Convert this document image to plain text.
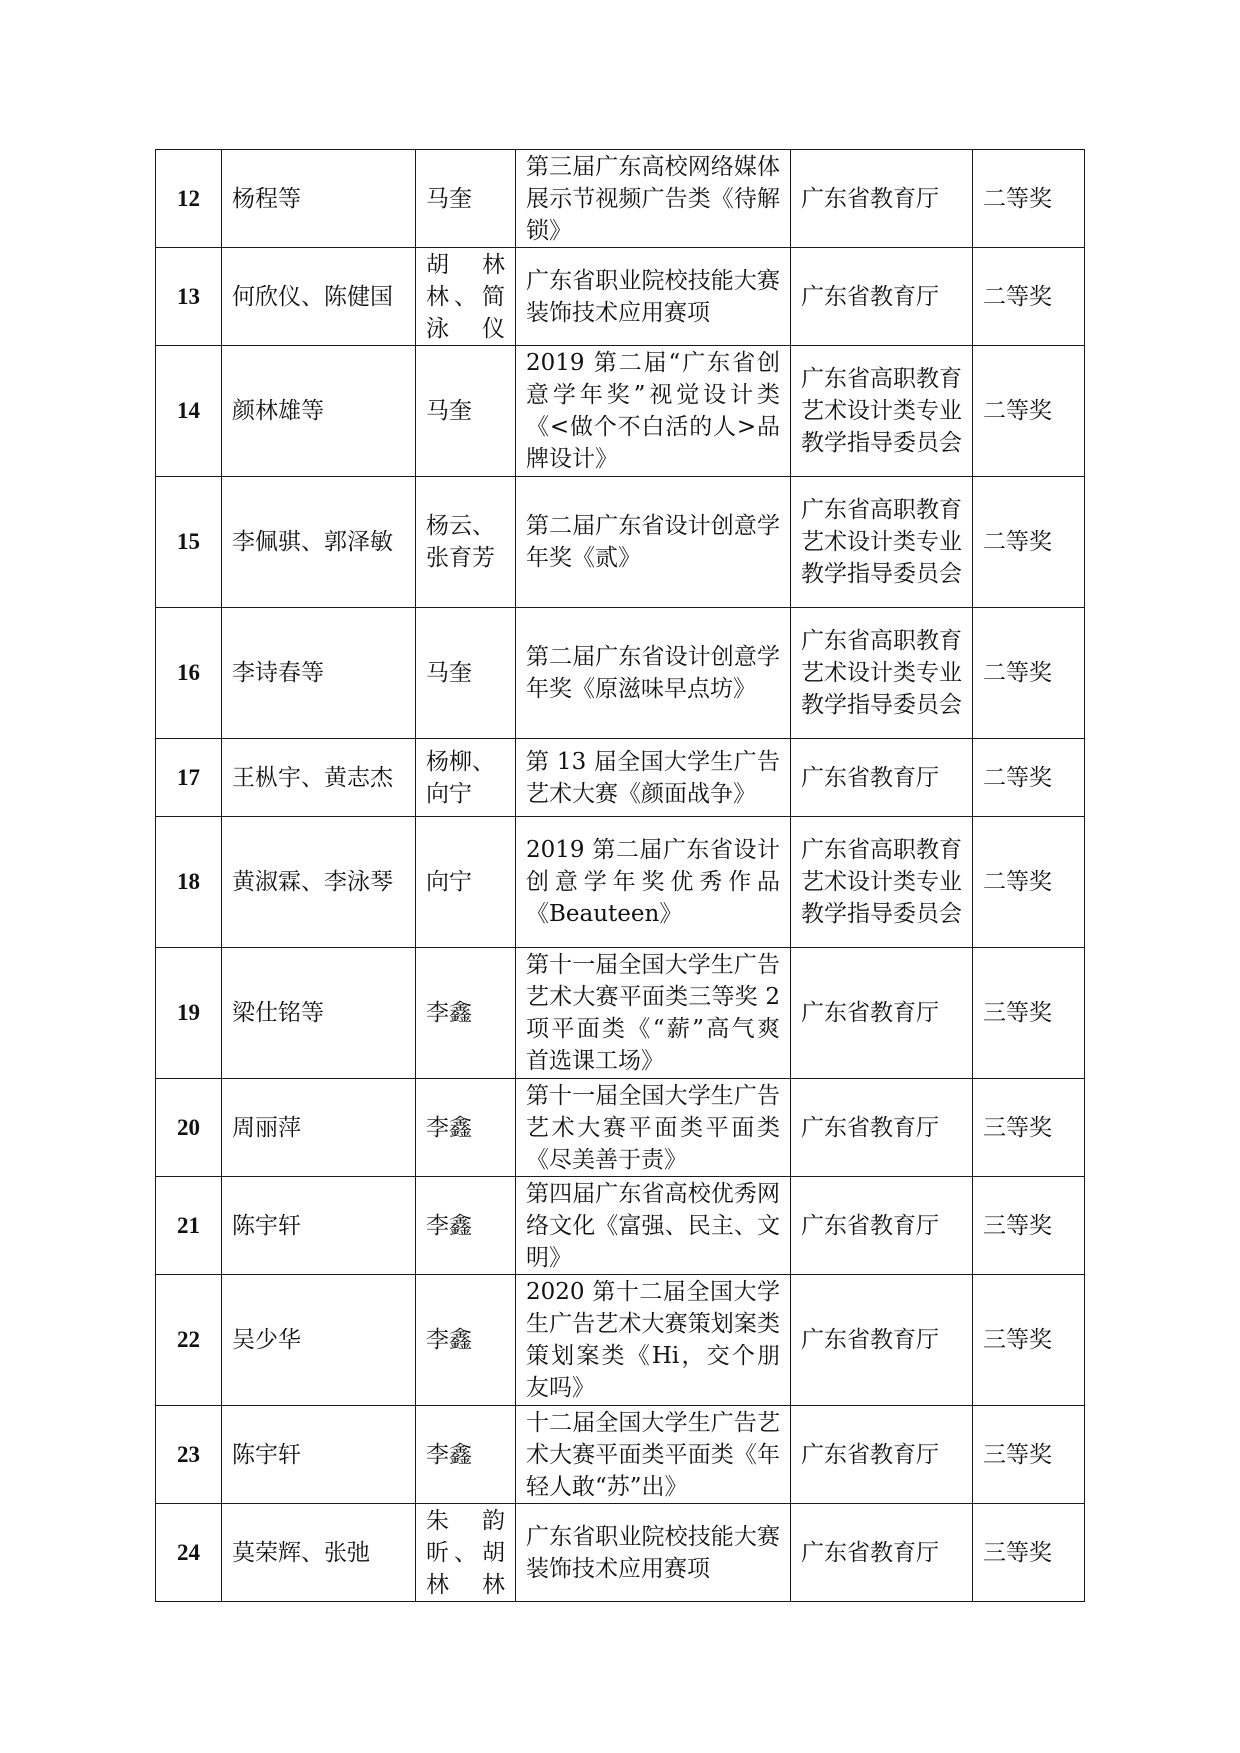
12	杨程等	马奎	第三届广东高校网络媒体展示节视频广告类《待解锁》	广东省教育厅	二等奖
13	何欣仪、陈健国	胡林林、简泳仪	广东省职业院校技能大赛装饰技术应用赛项	广东省教育厅	二等奖
14	颜林雄等	马奎	2019 第二届“广东省创意学年奖”视觉设计类《<做个不白活的人>品牌设计》	广东省高职教育艺术设计类专业教学指导委员会	二等奖
15	李佩骐、郭泽敏	杨云、张育芳	第二届广东省设计创意学年奖《贰》	广东省高职教育艺术设计类专业教学指导委员会	二等奖
16	李诗春等	马奎	第二届广东省设计创意学年奖《原滋味早点坊》	广东省高职教育艺术设计类专业教学指导委员会	二等奖
17	王枞宇、黄志杰	杨柳、向宁	第 13 届全国大学生广告艺术大赛《颜面战争》	广东省教育厅	二等奖
18	黄淑霖、李泳琴	向宁	2019 第二届广东省设计创意学年奖优秀作品《Beauteen》	广东省高职教育艺术设计类专业教学指导委员会	二等奖
19	梁仕铭等	李鑫	第十一届全国大学生广告艺术大赛平面类三等奖 2 项平面类《“薪”高气爽 首选课工场》	广东省教育厅	三等奖
20	周丽萍	李鑫	第十一届全国大学生广告艺术大赛平面类平面类《尽美善于责》	广东省教育厅	三等奖
21	陈宇轩	李鑫	第四届广东省高校优秀网络文化《富强、民主、文明》	广东省教育厅	三等奖
22	吴少华	李鑫	2020 第十二届全国大学生广告艺术大赛策划案类策划案类《Hi，交个朋友吗》	广东省教育厅	三等奖
23	陈宇轩	李鑫	十二届全国大学生广告艺术大赛平面类平面类《年轻人敢“苏”出》	广东省教育厅	三等奖
24	莫荣辉、张弛	朱韵昕、胡林林	广东省职业院校技能大赛装饰技术应用赛项	广东省教育厅	三等奖
